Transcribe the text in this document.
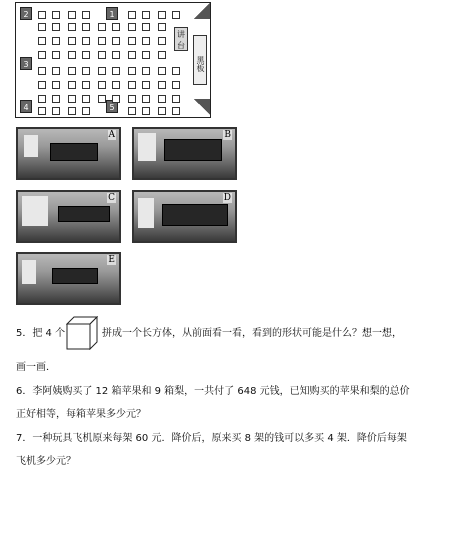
2	1
3
4	5
讲台
黑板
A	B
C	D
E
5．把 4 个	拼成一个长方体，从前面看一看，看到的形状可能是什么？想一想，
画一画．
6．李阿姨购买了 12 箱苹果和 9 箱梨，一共付了 648 元钱，已知购买的苹果和梨的总价
正好相等，每箱苹果多少元？
7．一种玩具飞机原来每架 60 元．降价后，原来买 8 架的钱可以多买 4 架．降价后每架
飞机多少元？
